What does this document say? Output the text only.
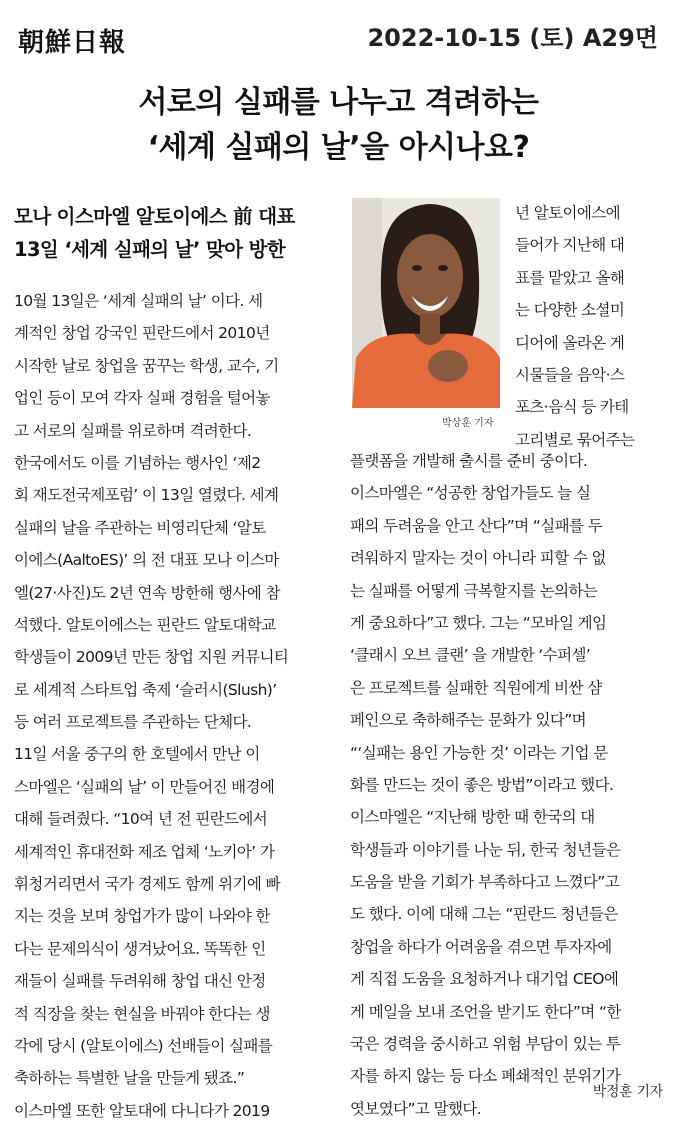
朝鮮日報	2022-10-15 (토) A29면
서로의 실패를 나누고 격려하는
‘세계 실패의 날’을 아시나요?
모나 이스마엘 알토이에스 前 대표
13일 ‘세계 실패의 날’ 맞아 방한
박상훈 기자
10월 13일은 ‘세계 실패의 날’ 이다. 세
계적인 창업 강국인 핀란드에서 2010년
시작한 날로 창업을 꿈꾸는 학생, 교수, 기
업인 등이 모여 각자 실패 경험을 털어놓
고 서로의 실패를 위로하며 격려한다.
한국에서도 이를 기념하는 행사인 ‘제2
회 재도전국제포럼’ 이 13일 열렸다. 세계
실패의 날을 주관하는 비영리단체 ‘알토
이에스(AaltoES)’ 의 전 대표 모나 이스마
엘(27·사진)도 2년 연속 방한해 행사에 참
석했다. 알토이에스는 핀란드 알토대학교
학생들이 2009년 만든 창업 지원 커뮤니티
로 세계적 스타트업 축제 ‘슬러시(Slush)’
등 여러 프로젝트를 주관하는 단체다.
11일 서울 중구의 한 호텔에서 만난 이
스마엘은 ‘실패의 날’ 이 만들어진 배경에
대해 들려줬다. “10여 년 전 핀란드에서
세계적인 휴대전화 제조 업체 ‘노키아’ 가
휘청거리면서 국가 경제도 함께 위기에 빠
지는 것을 보며 창업가가 많이 나와야 한
다는 문제의식이 생겨났어요. 똑똑한 인
재들이 실패를 두려워해 창업 대신 안정
적 직장을 찾는 현실을 바꿔야 한다는 생
각에 당시 (알토이에스) 선배들이 실패를
축하하는 특별한 날을 만들게 됐죠.”
이스마엘 또한 알토대에 다니다가 2019
년 알토이에스에
들어가 지난해 대
표를 맡았고 올해
는 다양한 소셜미
디어에 올라온 게
시물들을 음악·스
포츠·음식 등 카테
고리별로 묶어주는
플랫폼을 개발해 출시를 준비 중이다.
이스마엘은 “성공한 창업가들도 늘 실
패의 두려움을 안고 산다”며 “실패를 두
려워하지 말자는 것이 아니라 피할 수 없
는 실패를 어떻게 극복할지를 논의하는
게 중요하다”고 했다. 그는 “모바일 게임
‘클래시 오브 클랜’ 을 개발한 ‘수퍼셀’
은 프로젝트를 실패한 직원에게 비싼 샴
페인으로 축하해주는 문화가 있다”며
“‘실패는 용인 가능한 것’ 이라는 기업 문
화를 만드는 것이 좋은 방법”이라고 했다.
이스마엘은 “지난해 방한 때 한국의 대
학생들과 이야기를 나눈 뒤, 한국 청년들은
도움을 받을 기회가 부족하다고 느꼈다”고
도 했다. 이에 대해 그는 “핀란드 청년들은
창업을 하다가 어려움을 겪으면 투자자에
게 직접 도움을 요청하거나 대기업 CEO에
게 메일을 보내 조언을 받기도 한다”며 “한
국은 경력을 중시하고 위험 부담이 있는 투
자를 하지 않는 등 다소 폐쇄적인 분위기가
엿보였다”고 말했다.
박정훈 기자
